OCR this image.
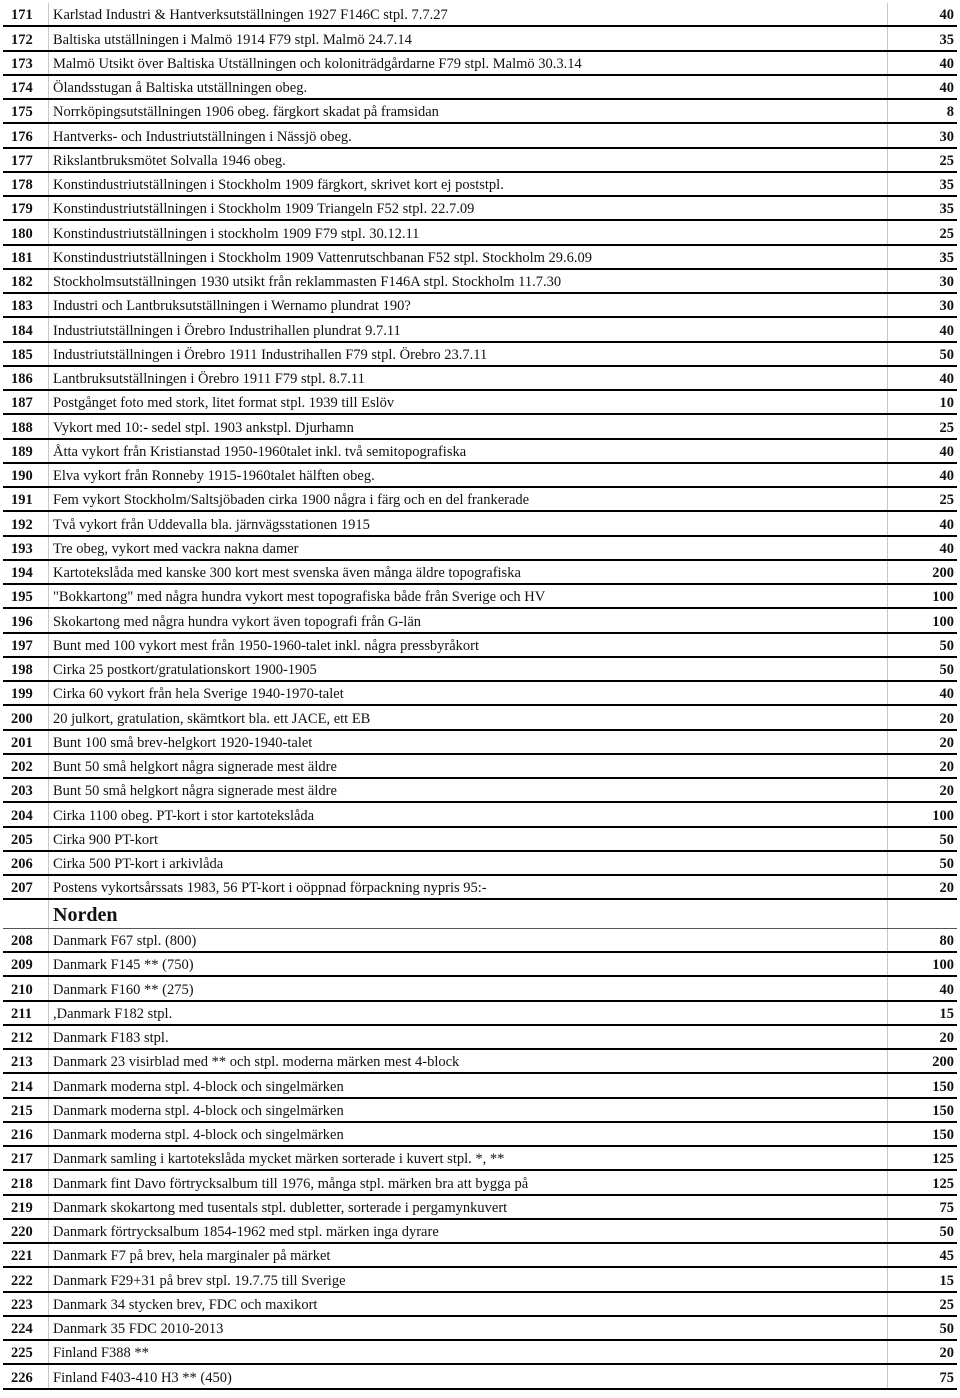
171 Karlstad Industri & Hantverksutställningen 1927 F146C stpl. 7.7.27	40
172 Baltiska utställningen i Malmö 1914 F79 stpl. Malmö 24.7.14	35
173 Malmö Utsikt över Baltiska Utställningen och koloniträdgårdarne F79 stpl. Malmö 30.3.14	40
174 Ölandsstugan å Baltiska utställningen obeg.	40
175 Norrköpingsutställningen 1906 obeg. färgkort skadat på framsidan	8
176 Hantverks- och Industriutställningen i Nässjö obeg.	30
177 Rikslantbruksmötet Solvalla 1946 obeg.	25
178 Konstindustriutställningen i Stockholm 1909 färgkort, skrivet kort ej poststpl.	35
179 Konstindustriutställningen i Stockholm 1909 Triangeln F52 stpl. 22.7.09	35
180 Konstindustriutställningen i stockholm 1909 F79 stpl. 30.12.11	25
181 Konstindustriutställningen i Stockholm 1909 Vattenrutschbanan F52 stpl. Stockholm 29.6.09	35
182 Stockholmsutställningen 1930 utsikt från reklammasten F146A stpl. Stockholm 11.7.30	30
183 Industri och Lantbruksutställningen i Wernamo plundrat 190?	30
184 Industriutställningen i Örebro Industrihallen plundrat 9.7.11	40
185 Industriutställningen i Örebro 1911 Industrihallen F79 stpl. Örebro 23.7.11	50
186 Lantbruksutställningen i Örebro 1911 F79 stpl. 8.7.11	40
187 Postgånget foto med stork, litet format stpl. 1939 till Eslöv	10
188 Vykort med 10:- sedel stpl. 1903 ankstpl. Djurhamn	25
189 Åtta vykort från Kristianstad 1950-1960talet inkl. två semitopografiska	40
190 Elva vykort från Ronneby 1915-1960talet hälften obeg.	40
191 Fem vykort Stockholm/Saltsjöbaden cirka 1900 några i färg och en del frankerade	25
192 Två vykort från Uddevalla bla. järnvägsstationen 1915	40
193 Tre obeg, vykort med vackra nakna damer	40
194 Kartotekslåda med kanske 300 kort mest svenska även många äldre topografiska	200
195 "Bokkartong" med några hundra vykort mest topografiska både från Sverige och HV	100
196 Skokartong med några hundra vykort även topografi från G-län	100
197 Bunt med 100 vykort mest från 1950-1960-talet inkl. några pressbyråkort	50
198 Cirka 25 postkort/gratulationskort 1900-1905	50
199 Cirka 60 vykort från hela Sverige 1940-1970-talet	40
200 20 julkort, gratulation, skämtkort bla. ett JACE, ett EB	20
201 Bunt 100 små brev-helgkort 1920-1940-talet	20
202 Bunt 50 små helgkort några signerade mest äldre	20
203 Bunt 50 små helgkort några signerade mest äldre	20
204 Cirka 1100 obeg. PT-kort i stor kartotekslåda	100
205 Cirka 900 PT-kort	50
206 Cirka 500 PT-kort i arkivlåda	50
207 Postens vykortsårssats 1983, 56 PT-kort i oöppnad förpackning nypris 95:-	20
Norden
208 Danmark F67 stpl. (800)	80
209 Danmark F145 ** (750)	100
210 Danmark F160 ** (275)	40
211 ,Danmark F182 stpl.	15
212 Danmark F183 stpl.	20
213 Danmark 23 visirblad med ** och stpl. moderna märken mest 4-block	200
214 Danmark moderna stpl. 4-block och singelmärken	150
215 Danmark moderna stpl. 4-block och singelmärken	150
216 Danmark moderna stpl. 4-block och singelmärken	150
217 Danmark samling i kartotekslåda mycket märken sorterade i kuvert stpl. *, **	125
218 Danmark fint Davo förtrycksalbum till 1976, många stpl. märken bra att bygga på	125
219 Danmark skokartong med tusentals stpl. dubletter, sorterade i pergamynkuvert	75
220 Danmark förtrycksalbum 1854-1962 med stpl. märken inga dyrare	50
221 Danmark F7 på brev, hela marginaler på märket	45
222 Danmark F29+31 på brev stpl. 19.7.75 till Sverige	15
223 Danmark 34 stycken brev, FDC och maxikort	25
224 Danmark 35 FDC 2010-2013	50
225 Finland F388 **	20
226 Finland F403-410 H3 ** (450)	75
